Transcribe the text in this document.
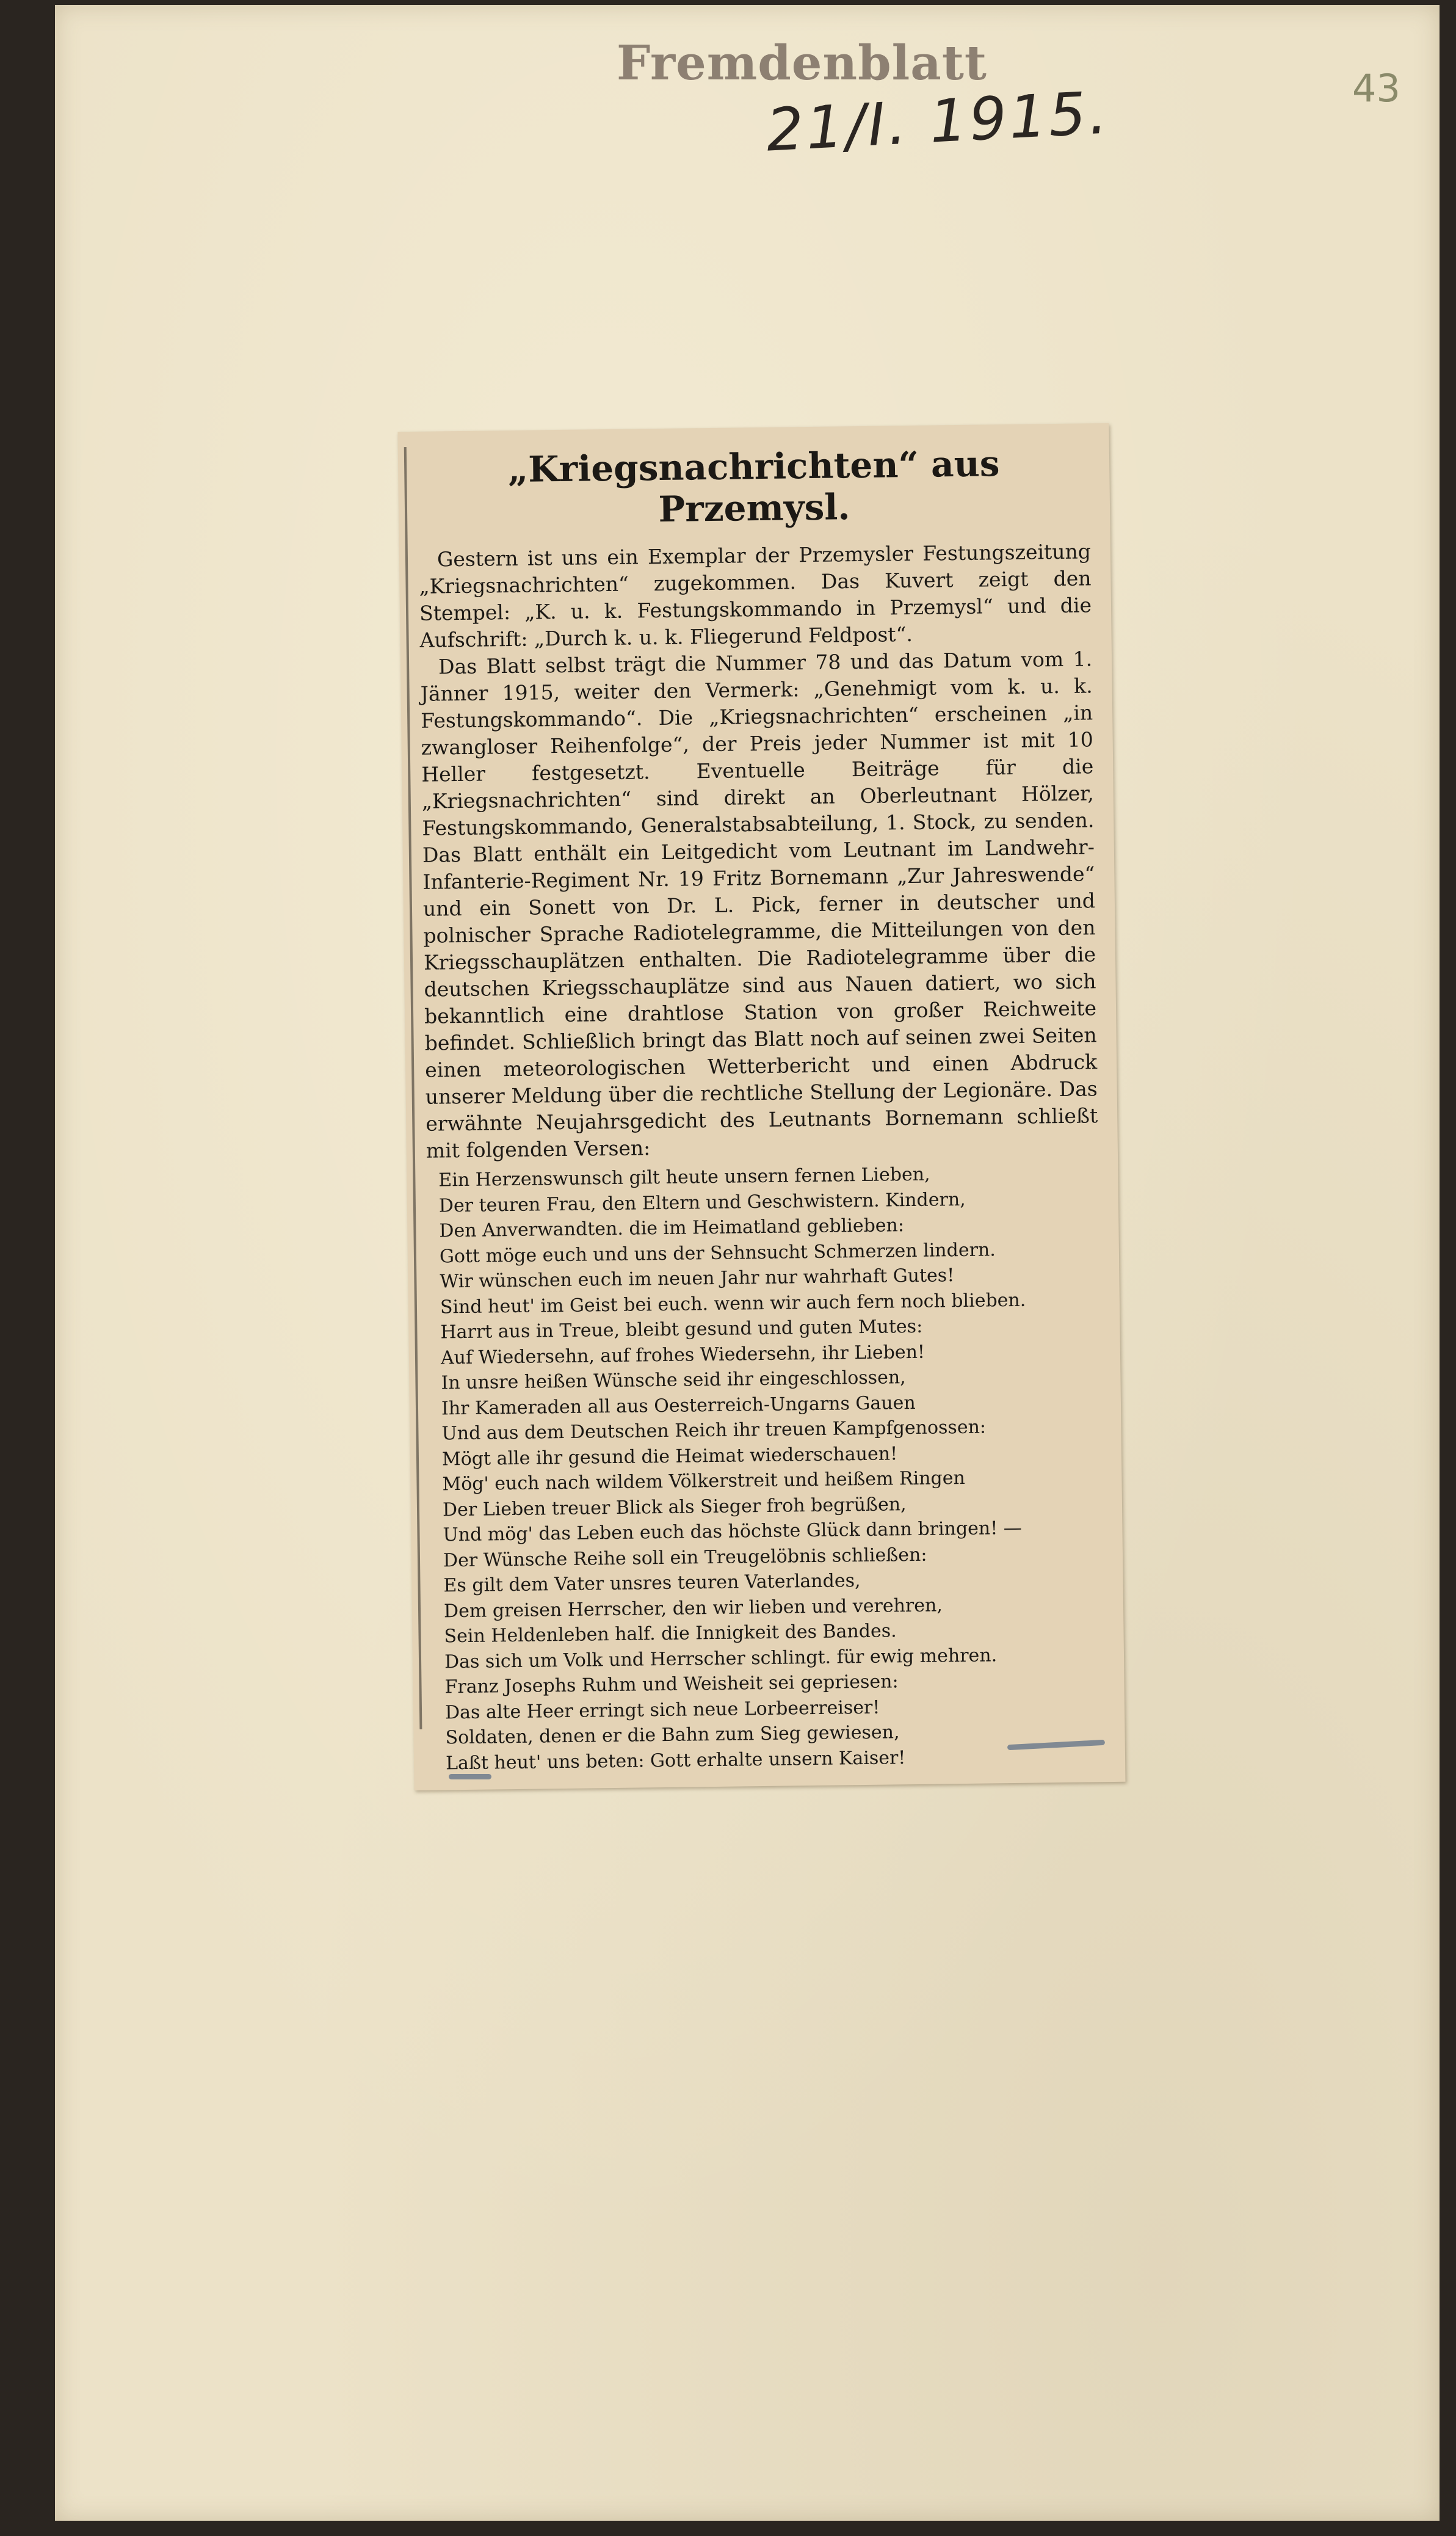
Fremdenblatt
21/I. 1915.	43
„Kriegsnachrichten“ aus Przemysl.

Gestern ist uns ein Exemplar der Przemysler Festungszeitung „Kriegsnachrichten“ zugekommen. Das Kuvert zeigt den Stempel: „K. u. k. Festungskommando in Przemysl“ und die Aufschrift: „Durch k. u. k. Fliegerund Feldpost“.

Das Blatt selbst trägt die Nummer 78 und das Datum vom 1. Jänner 1915, weiter den Vermerk: „Genehmigt vom k. u. k. Festungskommando“. Die „Kriegsnachrichten“ erscheinen „in zwangloser Reihenfolge“, der Preis jeder Nummer ist mit 10 Heller festgesetzt. Eventuelle Beiträge für die „Kriegsnachrichten“ sind direkt an Oberleutnant Hölzer, Festungskommando, Generalstabsabteilung, 1. Stock, zu senden. Das Blatt enthält ein Leitgedicht vom Leutnant im Landwehr-Infanterie-Regiment Nr. 19 Fritz Bornemann „Zur Jahreswende“ und ein Sonett von Dr. L. Pick, ferner in deutscher und polnischer Sprache Radiotelegramme, die Mitteilungen von den Kriegsschauplätzen enthalten. Die Radiotelegramme über die deutschen Kriegsschauplätze sind aus Nauen datiert, wo sich bekanntlich eine drahtlose Station von großer Reichweite befindet. Schließlich bringt das Blatt noch auf seinen zwei Seiten einen meteorologischen Wetterbericht und einen Abdruck unserer Meldung über die rechtliche Stellung der Legionäre. Das erwähnte Neujahrsgedicht des Leutnants Bornemann schließt mit folgenden Versen:

Ein Herzenswunsch gilt heute unsern fernen Lieben,

Der teuren Frau, den Eltern und Geschwistern. Kindern,

Den Anverwandten. die im Heimatland geblieben:

Gott möge euch und uns der Sehnsucht Schmerzen lindern.

Wir wünschen euch im neuen Jahr nur wahrhaft Gutes!

Sind heut' im Geist bei euch. wenn wir auch fern noch blieben.

Harrt aus in Treue, bleibt gesund und guten Mutes:

Auf Wiedersehn, auf frohes Wiedersehn, ihr Lieben!

In unsre heißen Wünsche seid ihr eingeschlossen,

Ihr Kameraden all aus Oesterreich-Ungarns Gauen

Und aus dem Deutschen Reich ihr treuen Kampfgenossen:

Mögt alle ihr gesund die Heimat wiederschauen!

Mög' euch nach wildem Völkerstreit und heißem Ringen

Der Lieben treuer Blick als Sieger froh begrüßen,

Und mög' das Leben euch das höchste Glück dann bringen! —

Der Wünsche Reihe soll ein Treugelöbnis schließen:

Es gilt dem Vater unsres teuren Vaterlandes,

Dem greisen Herrscher, den wir lieben und verehren,

Sein Heldenleben half. die Innigkeit des Bandes.

Das sich um Volk und Herrscher schlingt. für ewig mehren.

Franz Josephs Ruhm und Weisheit sei gepriesen:

Das alte Heer erringt sich neue Lorbeerreiser!

Soldaten, denen er die Bahn zum Sieg gewiesen,

Laßt heut' uns beten: Gott erhalte unsern Kaiser!
